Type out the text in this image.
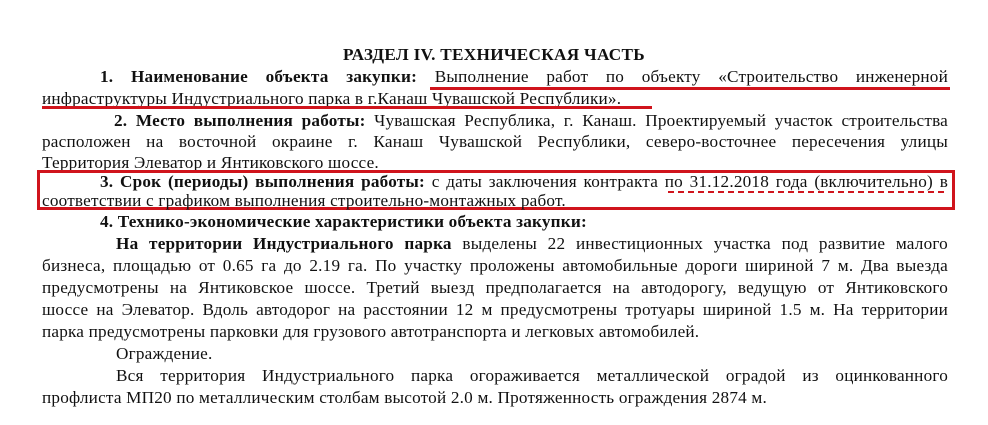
РАЗДЕЛ IV. ТЕХНИЧЕСКАЯ ЧАСТЬ
1. Наименование объекта закупки: Выполнение работ по объекту «Строительство инженерной
инфраструктуры Индустриального парка в г.Канаш Чувашской Республики».
2. Место выполнения работы: Чувашская Республика, г. Канаш. Проектируемый участок строительства
расположен на восточной окраине г. Канаш Чувашской Республики, северо-восточнее пересечения улицы
Территория Элеватор и Янтиковского шоссе.
3. Срок (периоды) выполнения работы: с даты заключения контракта по 31.12.2018 года (включительно) в
соответствии с графиком выполнения строительно-монтажных работ.
4. Технико-экономические характеристики объекта закупки:
На территории Индустриального парка выделены 22 инвестиционных участка под развитие малого
бизнеса, площадью от 0.65 га до 2.19 га. По участку проложены автомобильные дороги шириной 7 м. Два выезда
предусмотрены на Янтиковское шоссе. Третий выезд предполагается на автодорогу, ведущую от Янтиковского
шоссе на Элеватор. Вдоль автодорог на расстоянии 12 м предусмотрены тротуары шириной 1.5 м. На территории
парка предусмотрены парковки для грузового автотранспорта и легковых автомобилей.
Ограждение.
Вся территория Индустриального парка огораживается металлической оградой из оцинкованного
профлиста МП20 по металлическим столбам высотой 2.0 м. Протяженность ограждения 2874 м.
